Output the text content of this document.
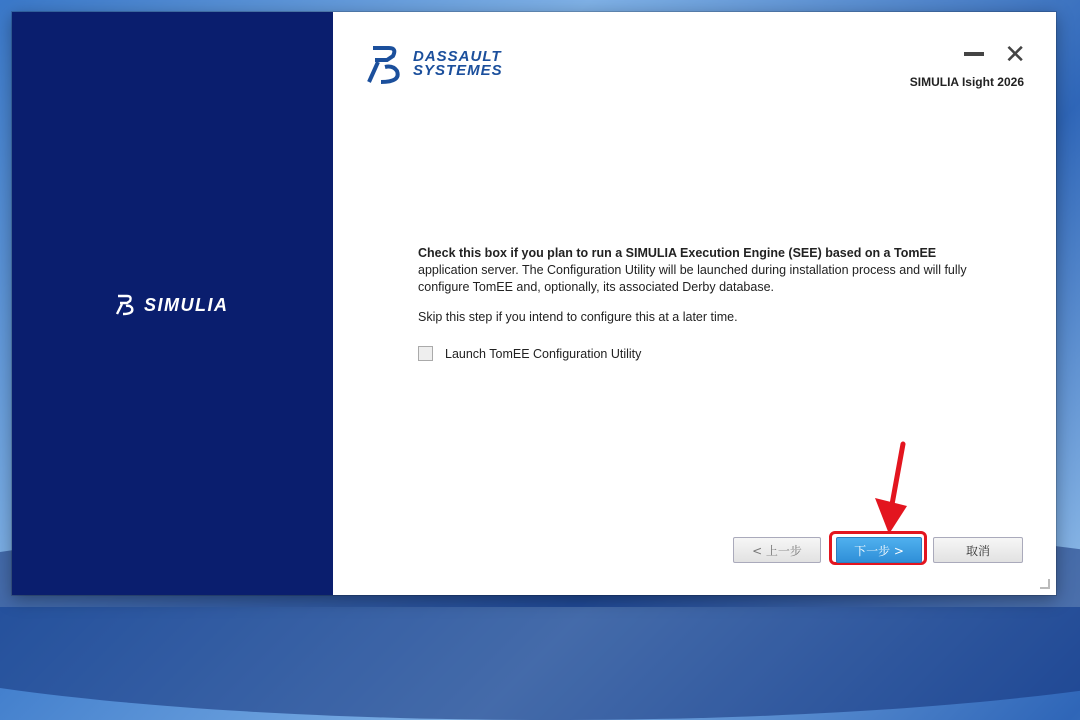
SIMULIA
DASSAULT
SYSTEMES
✕
SIMULIA Isight 2026
Check this box if you plan to run a SIMULIA Execution Engine (SEE) based on a TomEE
application server. The Configuration Utility will be launched during installation process and will fully configure TomEE and, optionally, its associated Derby database.
Skip this step if you intend to configure this at a later time.
Launch TomEE Configuration Utility
< 上一步	下一步 >	取消
